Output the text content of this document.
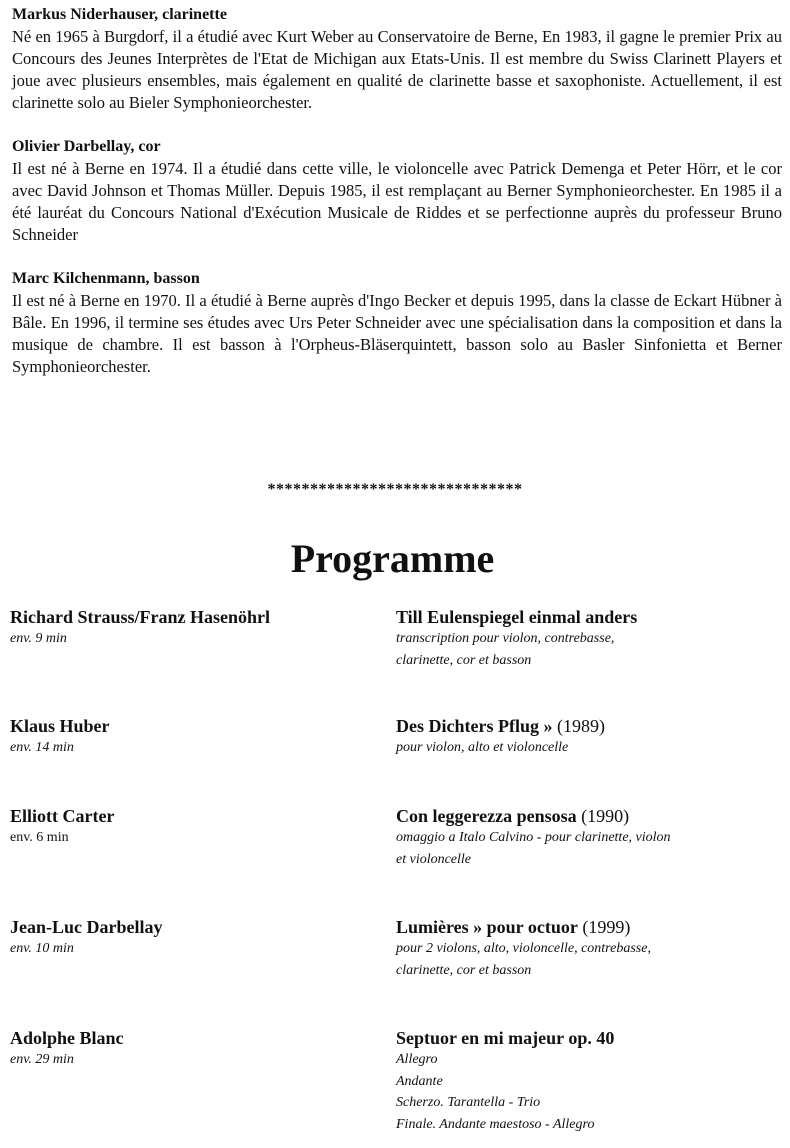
Markus Niderhauser, clarinette
Né en 1965 à Burgdorf, il a étudié avec Kurt Weber au Conservatoire de Berne, En 1983, il gagne le premier Prix au Concours des Jeunes Interprètes de l'Etat de Michigan aux Etats-Unis. Il est membre du Swiss Clarinett Players et joue avec plusieurs ensembles, mais également en qualité de clarinette basse et saxophoniste. Actuellement, il est clarinette solo au Bieler Symphonieorchester.
Olivier Darbellay, cor
Il est né à Berne en 1974. Il a étudié dans cette ville, le violoncelle avec Patrick Demenga et Peter Hörr, et le cor avec David Johnson et Thomas Müller. Depuis 1985, il est remplaçant au Berner Symphonieorchester. En 1985 il a été lauréat du Concours National d'Exécution Musicale de Riddes et se perfectionne auprès du professeur Bruno Schneider
Marc Kilchenmann, basson
Il est né à Berne en 1970. Il a étudié à Berne auprès d'Ingo Becker et depuis 1995, dans la classe de Eckart Hübner à Bâle. En 1996, il termine ses études avec Urs Peter Schneider avec une spécialisation dans la composition et dans la musique de chambre. Il est basson à l'Orpheus-Bläserquintett, basson solo au Basler Sinfonietta et Berner Symphonieorchester.
******************************
Programme
Richard Strauss/Franz Hasenöhrl
env. 9 min
Till Eulenspiegel einmal anders
transcription pour violon, contrebasse,
clarinette, cor et basson
Klaus Huber
env. 14 min
Des Dichters Pflug » (1989)
pour violon, alto et violoncelle
Elliott Carter
env. 6 min
Con leggerezza pensosa (1990)
omaggio a Italo Calvino - pour clarinette, violon
et violoncelle
Jean-Luc Darbellay
env. 10 min
Lumières » pour octuor (1999)
pour 2 violons, alto, violoncelle, contrebasse,
clarinette, cor et basson
Adolphe Blanc
env. 29 min
Septuor en mi majeur op. 40
Allegro
Andante
Scherzo. Tarantella - Trio
Finale. Andante maestoso - Allegro
